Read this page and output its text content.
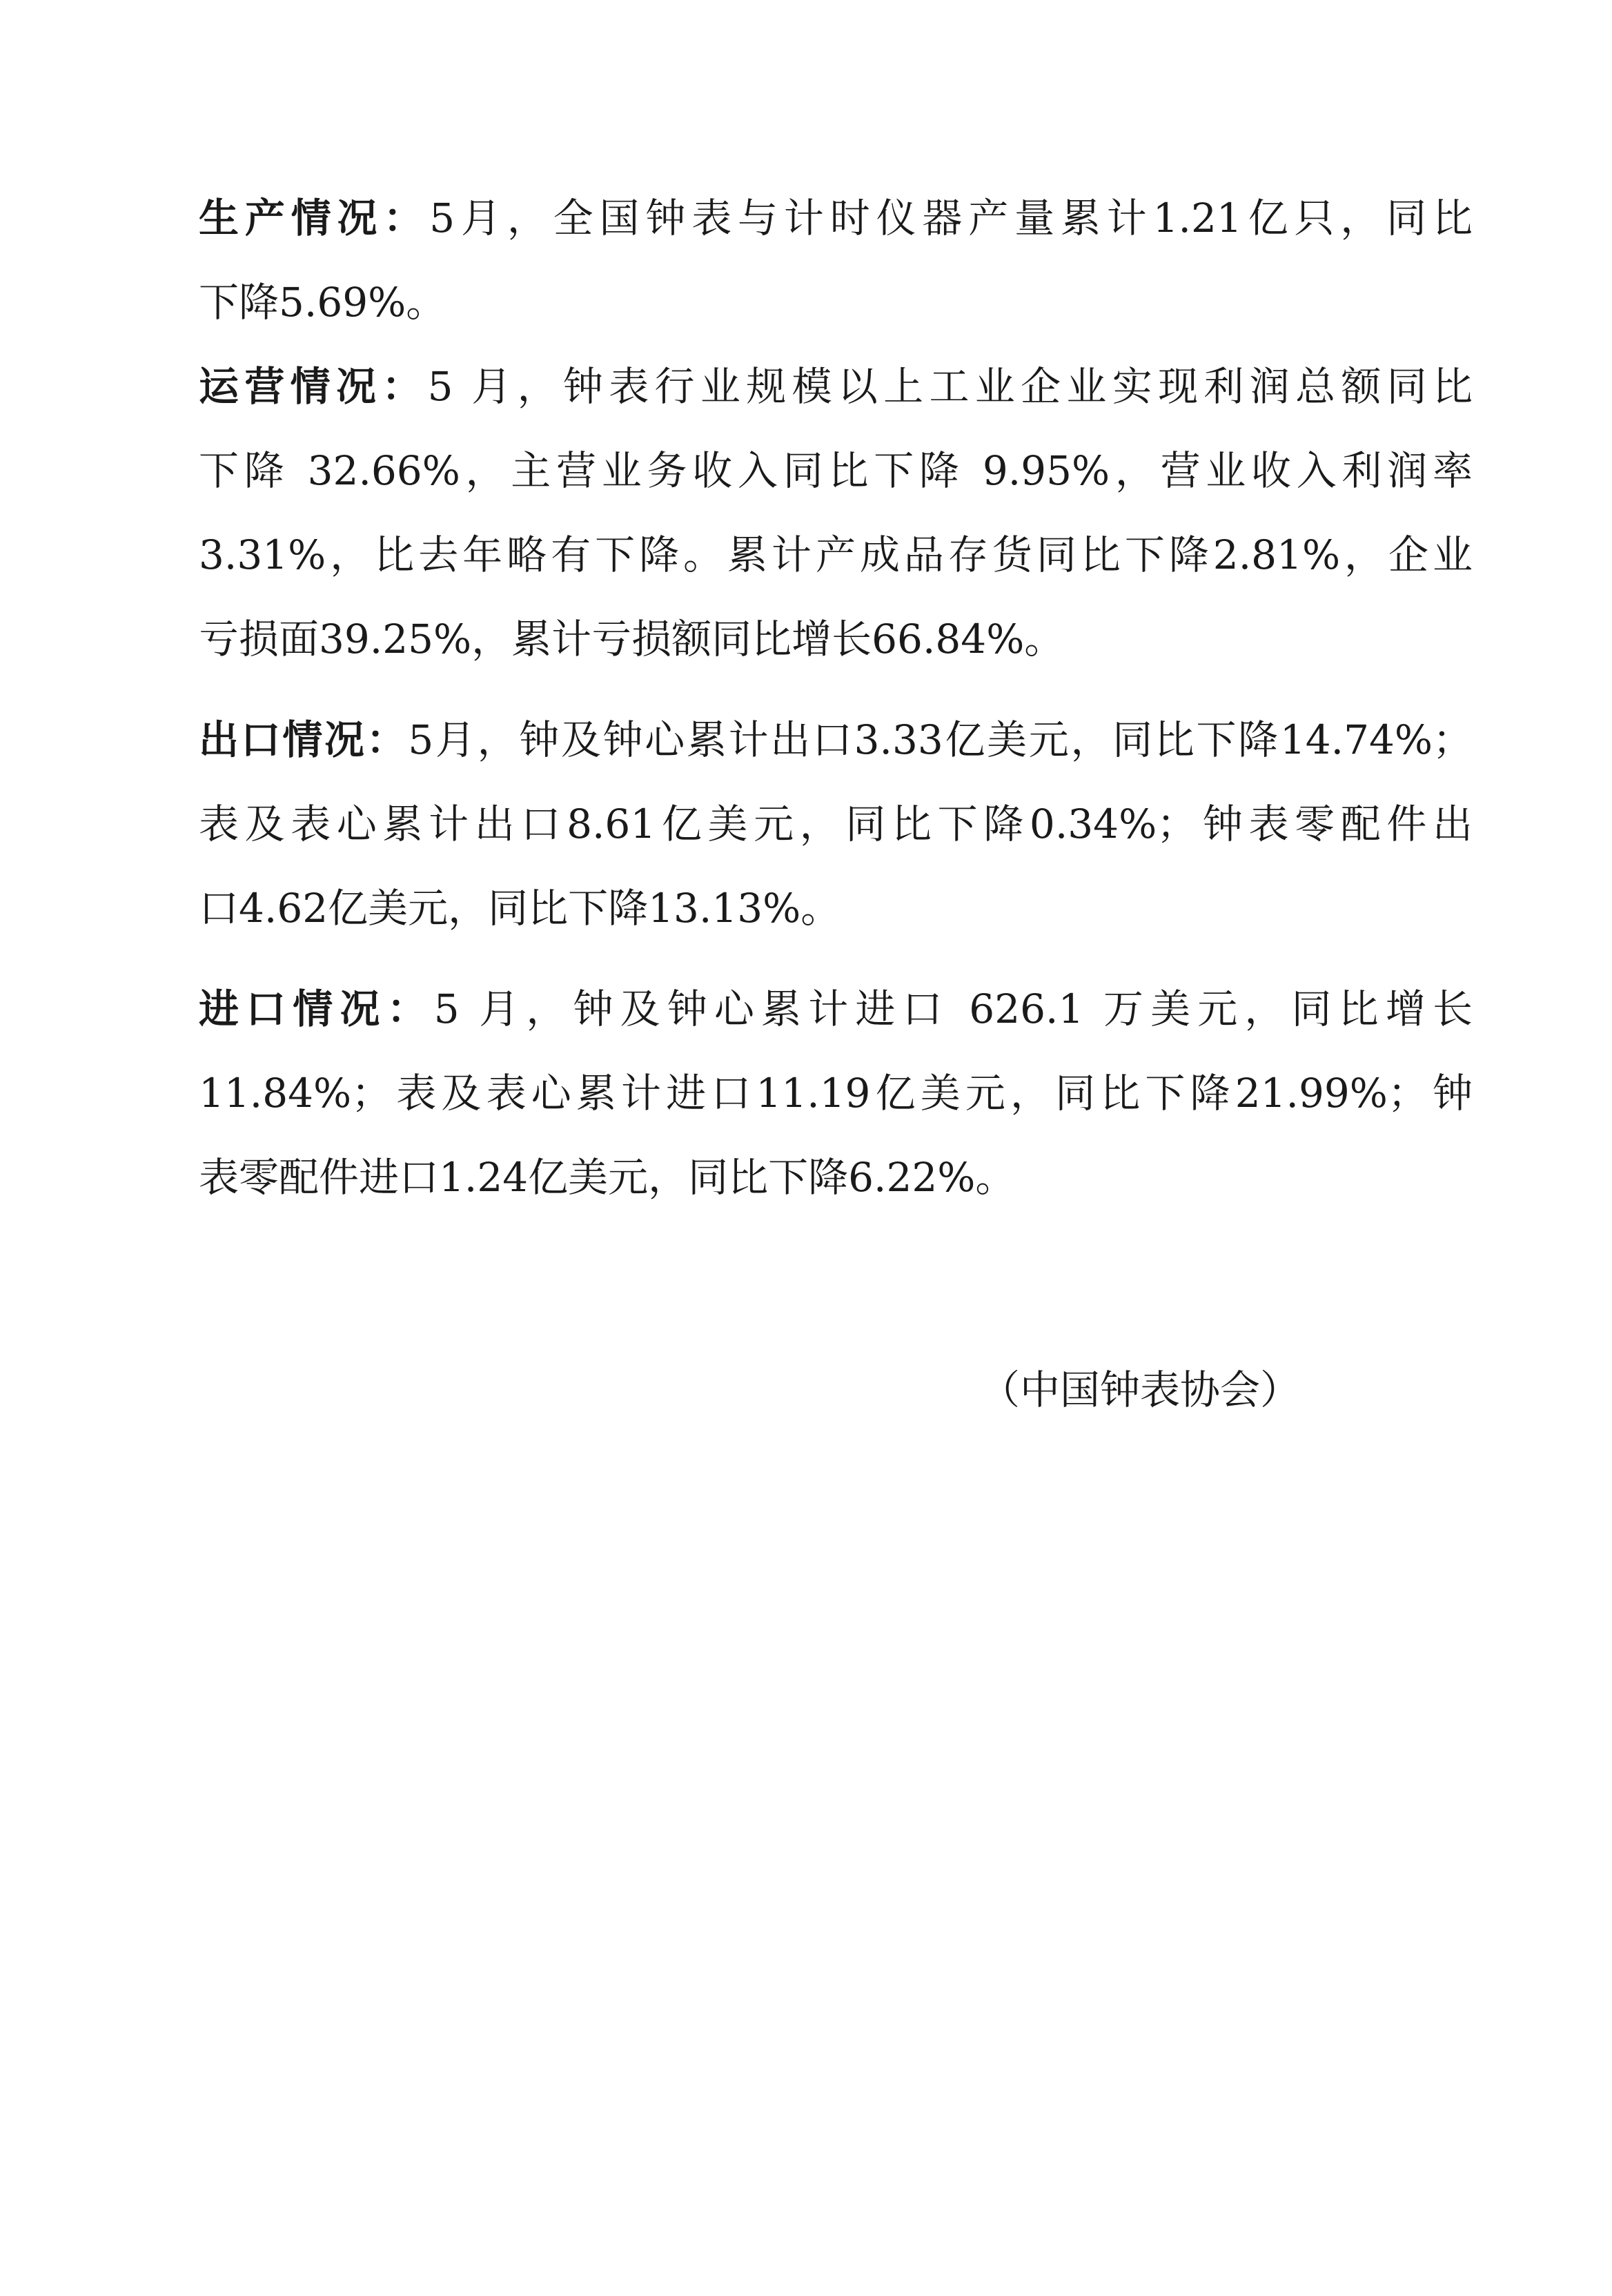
生产情况：5月，全国钟表与计时仪器产量累计1.21亿只，同比
下降5.69%。

运营情况：5 月，钟表行业规模以上工业企业实现利润总额同比
下降 32.66%，主营业务收入同比下降 9.95%，营业收入利润率
3.31%，比去年略有下降。累计产成品存货同比下降2.81%，企业
亏损面39.25%，累计亏损额同比增长66.84%。

出口情况：5月，钟及钟心累计出口3.33亿美元，同比下降14.74%；
表及表心累计出口8.61亿美元，同比下降0.34%；钟表零配件出
口4.62亿美元，同比下降13.13%。

进口情况：5 月，钟及钟心累计进口 626.1 万美元，同比增长
11.84%；表及表心累计进口11.19亿美元，同比下降21.99%；钟
表零配件进口1.24亿美元，同比下降6.22%。

（中国钟表协会）
